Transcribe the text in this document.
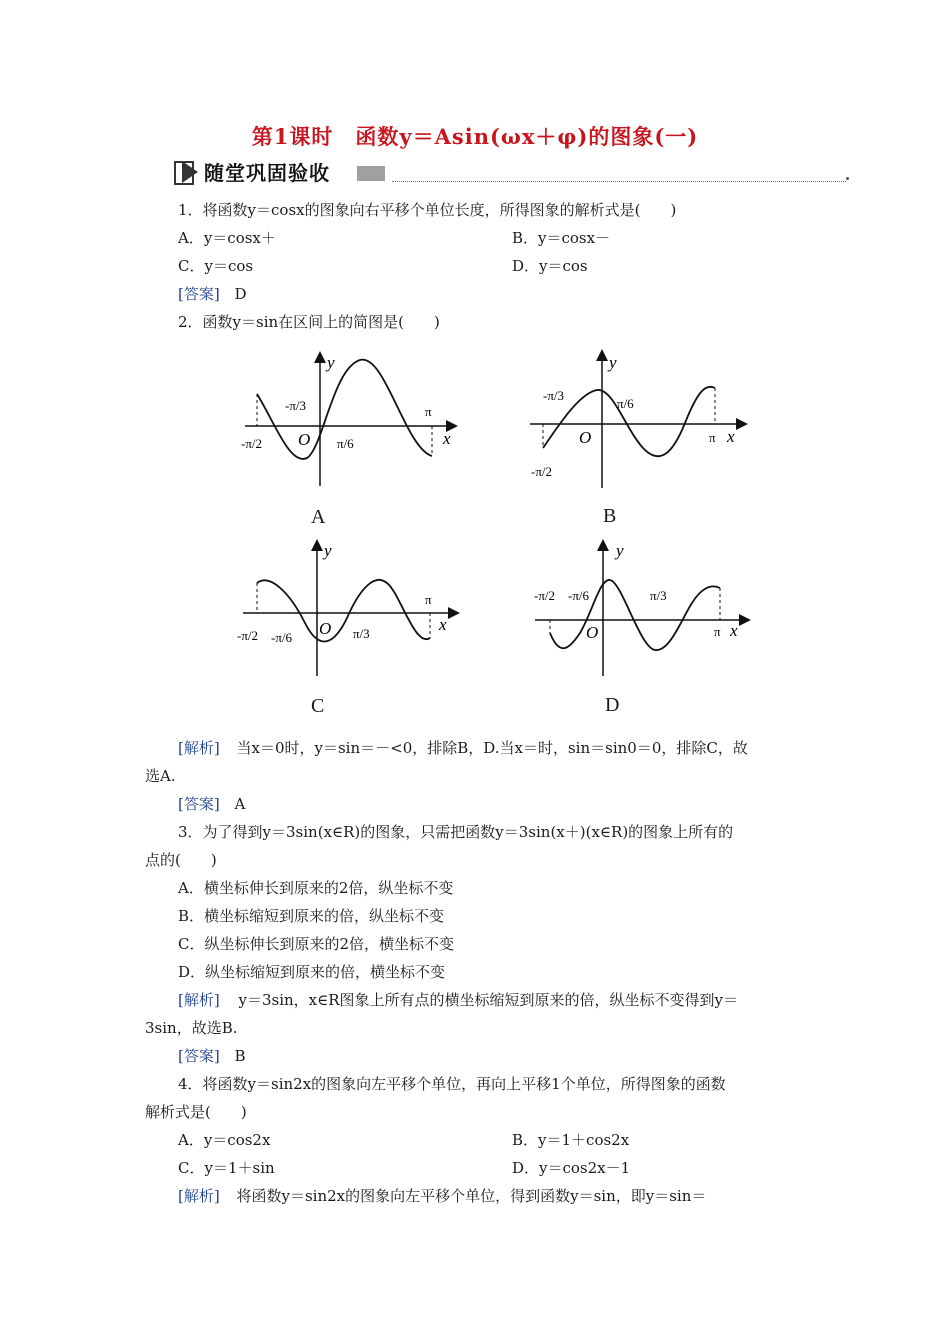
第1课时　函数y＝Asin(ωx＋φ)的图象(一)
随堂巩固验收
1．将函数y＝cosx的图象向右平移个单位长度，所得图象的解析式是(　　)
A．y＝cosx＋	B．y＝cosx－
C．y＝cos	D．y＝cos
[答案] D
2．函数y＝sin在区间上的简图是(　　)
y
x
O
-π/2
-π/3
π/6
π
A
y
x
O
-π/2
-π/3
π/6
π
B
y
x
O
-π/2 -π/6	π/3
π
C
y
x
O
-π/2 -π/6	π/3
π
D
[解析] 当x＝0时，y＝sin＝－<0，排除B，D.当x＝时，sin＝sin0＝0，排除C，故
选A.
[答案] A
3．为了得到y＝3sin(x∈R)的图象，只需把函数y＝3sin(x＋)(x∈R)的图象上所有的
点的(　　)
A．横坐标伸长到原来的2倍，纵坐标不变
B．横坐标缩短到原来的倍，纵坐标不变
C．纵坐标伸长到原来的2倍，横坐标不变
D．纵坐标缩短到原来的倍，横坐标不变
[解析] y＝3sin，x∈R图象上所有点的横坐标缩短到原来的倍，纵坐标不变得到y＝
3sin，故选B.
[答案] B
4．将函数y＝sin2x的图象向左平移个单位，再向上平移1个单位，所得图象的函数
解析式是(　　)
A．y＝cos2x	B．y＝1＋cos2x
C．y＝1＋sin	D．y＝cos2x－1
[解析] 将函数y＝sin2x的图象向左平移个单位，得到函数y＝sin，即y＝sin＝
